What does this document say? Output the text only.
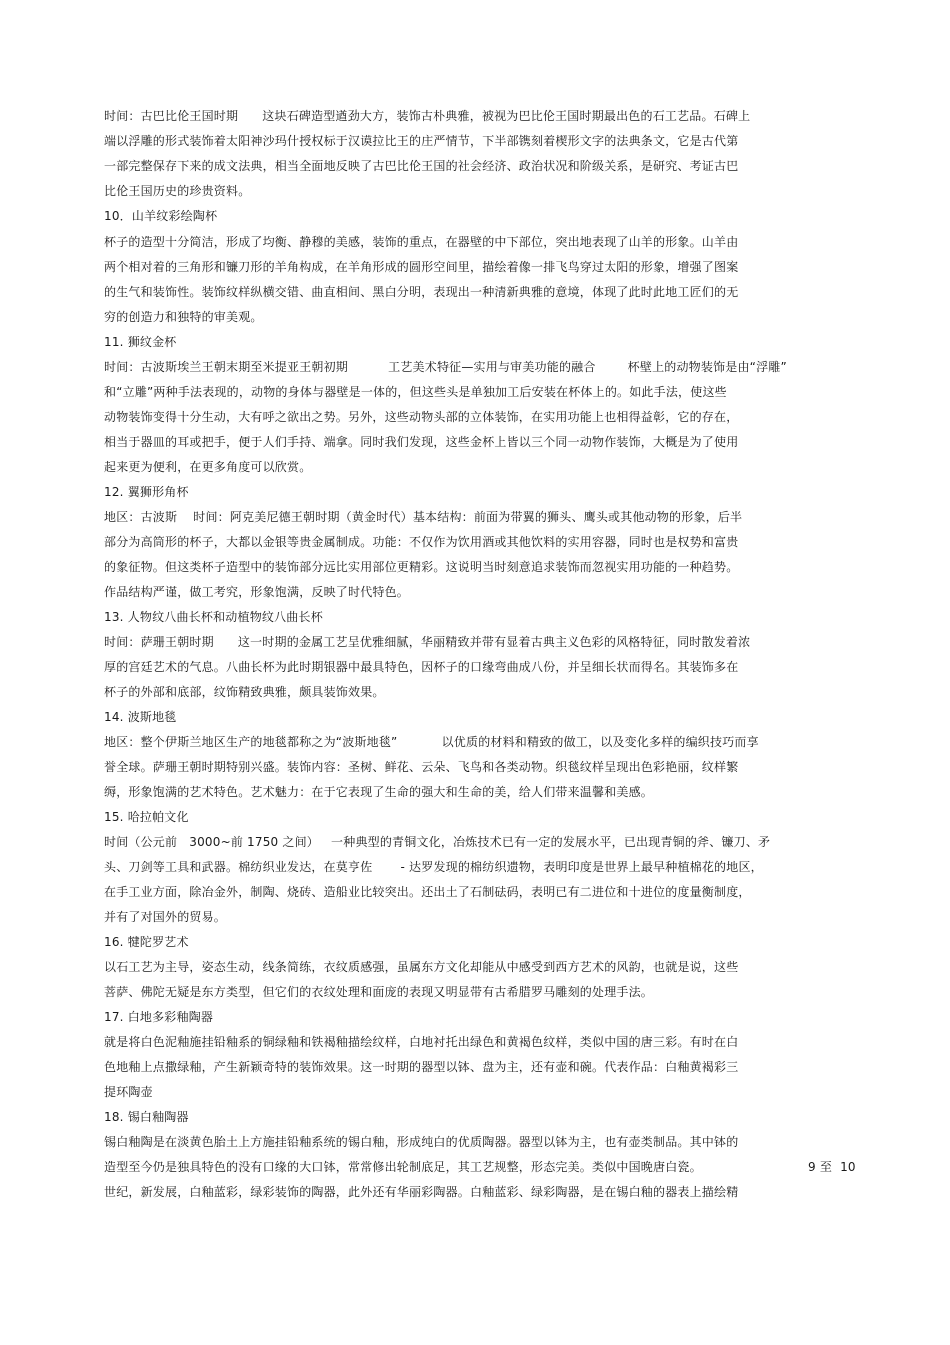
时间：古巴比伦王国时期      这块石碑造型遒劲大方，装饰古朴典雅，被视为巴比伦王国时期最出色的石工艺品。石碑上
端以浮雕的形式装饰着太阳神沙玛什授权标于汉谟拉比王的庄严情节，下半部镌刻着楔形文字的法典条文，它是古代第
一部完整保存下来的成文法典，相当全面地反映了古巴比伦王国的社会经济、政治状况和阶级关系，是研究、考证古巴
比伦王国历史的珍贵资料。
10．山羊纹彩绘陶杯
杯子的造型十分简洁，形成了均衡、静穆的美感，装饰的重点，在器壁的中下部位，突出地表现了山羊的形象。山羊由
两个相对着的三角形和镰刀形的羊角构成，在羊角形成的圆形空间里，描绘着像一排飞鸟穿过太阳的形象，增强了图案
的生气和装饰性。装饰纹样纵横交错、曲直相间、黑白分明，表现出一种清新典雅的意境，体现了此时此地工匠们的无
穷的创造力和独特的审美观。
11. 狮纹金杯
时间：古波斯埃兰王朝末期至米提亚王朝初期          工艺美术特征—实用与审美功能的融合        杯壁上的动物装饰是由“浮雕”
和“立雕”两种手法表现的，动物的身体与器壁是一体的，但这些头是单独加工后安装在杯体上的。如此手法，使这些
动物装饰变得十分生动，大有呼之欲出之势。另外，这些动物头部的立体装饰，在实用功能上也相得益彰，它的存在，
相当于器皿的耳或把手，便于人们手持、端拿。同时我们发现，这些金杯上皆以三个同一动物作装饰，大概是为了使用
起来更为便利，在更多角度可以欣赏。
12. 翼狮形角杯
地区：古波斯    时间：阿克美尼德王朝时期（黄金时代）基本结构：前面为带翼的狮头、鹰头或其他动物的形象，后半
部分为高筒形的杯子，大都以金银等贵金属制成。功能：不仅作为饮用酒或其他饮料的实用容器，同时也是权势和富贵
的象征物。但这类杯子造型中的装饰部分远比实用部位更精彩。这说明当时刻意追求装饰而忽视实用功能的一种趋势。
作品结构严谨，做工考究，形象饱满，反映了时代特色。
13. 人物纹八曲长杯和动植物纹八曲长杯
时间：萨珊王朝时期      这一时期的金属工艺呈优雅细腻，华丽精致并带有显着古典主义色彩的风格特征，同时散发着浓
厚的宫廷艺术的气息。八曲长杯为此时期银器中最具特色，因杯子的口缘弯曲成八份，并呈细长状而得名。其装饰多在
杯子的外部和底部，纹饰精致典雅，颇具装饰效果。
14. 波斯地毯
地区：整个伊斯兰地区生产的地毯都称之为“波斯地毯”           以优质的材料和精致的做工，以及变化多样的编织技巧而享
誉全球。萨珊王朝时期特别兴盛。装饰内容：圣树、鲜花、云朵、飞鸟和各类动物。织毯纹样呈现出色彩艳丽，纹样繁
缛，形象饱满的艺术特色。艺术魅力：在于它表现了生命的强大和生命的美，给人们带来温馨和美感。
15. 哈拉帕文化
时间（公元前   3000~前 1750 之间）   一种典型的青铜文化，冶炼技术已有一定的发展水平，已出现青铜的斧、镰刀、矛
头、刀剑等工具和武器。棉纺织业发达，在莫亨佐       - 达罗发现的棉纺织遗物，表明印度是世界上最早种植棉花的地区，
在手工业方面，除冶金外，制陶、烧砖、造船业比较突出。还出土了石制砝码，表明已有二进位和十进位的度量衡制度，
并有了对国外的贸易。
16. 犍陀罗艺术
以石工艺为主导，姿态生动，线条简练，衣纹质感强，虽属东方文化却能从中感受到西方艺术的风韵，也就是说，这些
菩萨、佛陀无疑是东方类型，但它们的衣纹处理和面庞的表现又明显带有古希腊罗马雕刻的处理手法。
17. 白地多彩釉陶器
就是将白色泥釉施挂铅釉系的铜绿釉和铁褐釉描绘纹样，白地衬托出绿色和黄褐色纹样，类似中国的唐三彩。有时在白
色地釉上点撒绿釉，产生新颖奇特的装饰效果。这一时期的器型以钵、盘为主，还有壶和碗。代表作品：白釉黄褐彩三
提环陶壶
18. 锡白釉陶器
锡白釉陶是在淡黄色胎土上方施挂铅釉系统的锡白釉，形成纯白的优质陶器。器型以钵为主，也有壶类制品。其中钵的
造型至今仍是独具特色的没有口缘的大口钵，常常修出轮制底足，其工艺规整，形态完美。类似中国晚唐白瓷。
世纪，新发展，白釉蓝彩，绿彩装饰的陶器，此外还有华丽彩陶器。白釉蓝彩、绿彩陶器，是在锡白釉的器表上描绘精
9 至  10
